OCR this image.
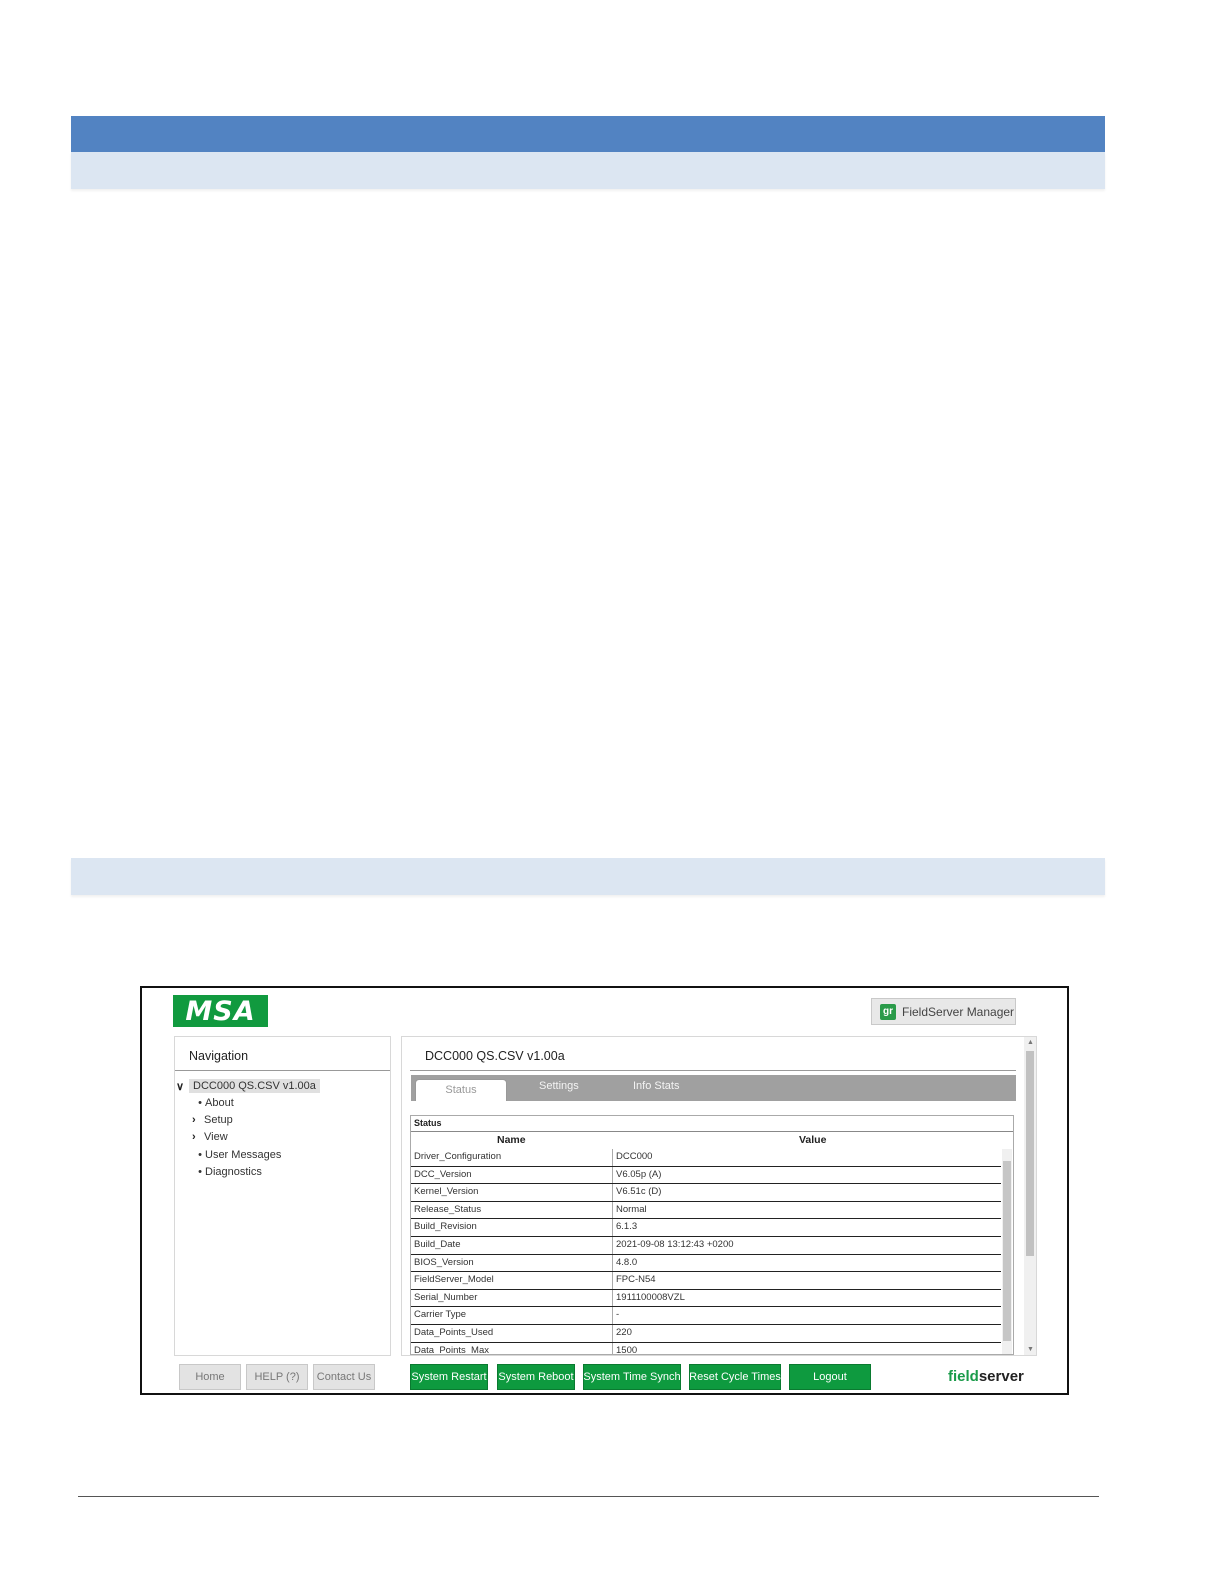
MSA	gr FieldServer Manager
Navigation
∨ DCC000 QS.CSV v1.00a
• About
› Setup
› View
• User Messages
• Diagnostics
DCC000 QS.CSV v1.00a
Status	Settings	Info Stats
Status
Name	Value
Driver_Configuration	DCC000
DCC_Version	V6.05p (A)
Kernel_Version	V6.51c (D)
Release_Status	Normal
Build_Revision	6.1.3
Build_Date	2021-09-08 13:12:43 +0200
BIOS_Version	4.8.0
FieldServer_Model	FPC-N54
Serial_Number	1911100008VZL
Carrier Type	-
Data_Points_Used	220
Data_Points_Max	1500
▲
▼
Home	HELP (?)	Contact Us	System Restart System Reboot System Time Synch Reset Cycle Times	Logout	fieldserver
